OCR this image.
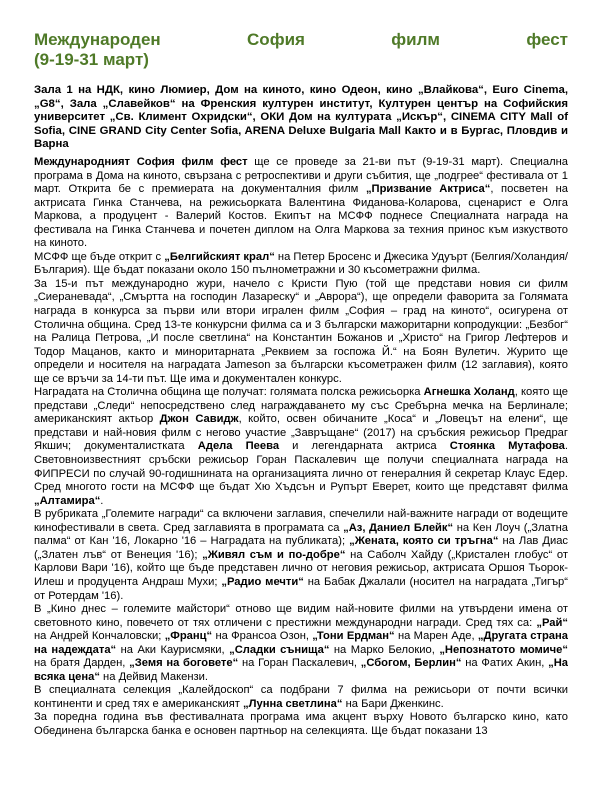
Международен	София	филм	фест
(9-19-31 март)
Зала 1 на НДК, кино Люмиер, Дом на киното, кино Одеон, кино „Влайкова“, Euro Cinema, „G8“, Зала „Славейков“ на Френския културен институт, Културен център на Софийския университет „Св. Климент Охридски“, ОКИ Дом на културата „Искър“, CINEMA CITY Mall of Sofia, CINE GRAND City Center Sofia, ARENA Deluxe Bulgaria Mall Както и в Бургас, Пловдив и Варна

Международният София филм фест ще се проведе за 21-ви път (9-19-31 март). Специална програма в Дома на киното, свързана с ретроспективи и други събития, ще „подгрее“ фестивала от 1 март. Открита бе с премиерата на документалния филм „Призвание Актриса“, посветен на актрисата Гинка Станчева, на режисьорката Валентина Фиданова-Коларова, сценарист е Олга Маркова, а продуцент - Валерий Костов. Екипът на МСФФ поднесе Специалната награда на фестивала на Гинка Станчева и почетен диплом на Олга Маркова за техния принос към изкуството на киното.

МСФФ ще бъде открит с „Белгийският крал“ на Петер Бросенс и Джесика Удуърт (Белгия/Холандия/България). Ще бъдат показани около 150 пълнометражни и 30 късометражни филма.

За 15-и път международно жури, начело с Кристи Пую (той ще представи новия си филм „Сиераневада“, „Смъртта на господин Лазареску“ и „Аврора“), ще определи фаворита за Голямата награда в конкурса за първи или втори игрален филм „София – град на киното“, осигурена от Столична община. Сред 13-те конкурсни филма са и 3 български мажоритарни копродукции: „Безбог“ на Ралица Петрова, „И после светлина“ на Константин Божанов и „Христо“ на Григор Лефтеров и Тодор Мацанов, както и миноритарната „Реквием за госпожа Й.“ на Боян Вулетич. Журито ще определи и носителя на наградата Jameson за български късометражен филм (12 заглавия), която ще се връчи за 14-ти път. Ще има и документален конкурс.

Наградата на Столична община ще получат: голямата полска режисьорка Агнешка Холанд, която ще представи „Следи“ непосредствено след награждаването му със Сребърна мечка на Берлинале; американският актьор Джон Савидж, който, освен обичаните „Коса“ и „Ловецът на елени“, ще представи и най-новия филм с негово участие „Завръщане“ (2017) на сръбския режисьор Предраг Якшич; документалистката Адела Пеева и легендарната актриса Стоянка Мутафова. Световноизвестният сръбски режисьор Горан Паскалевич ще получи специалната награда на ФИПРЕСИ по случай 90-годишнината на организацията лично от генералния й секретар Клаус Едер. Сред многото гости на МСФФ ще бъдат Хю Хъдсън и Рупърт Еверет, които ще представят филма „Алтамира“.

В рубриката „Големите награди“ са включени заглавия, спечелили най-важните награди от водещите кинофестивали в света. Сред заглавията в програмата са „Аз, Даниел Блейк“ на Кен Лоуч („Златна палма“ от Кан '16, Локарно '16 – Наградата на публиката); „Жената, която си тръгна“ на Лав Диас („Златен лъв“ от Венеция '16); „Живял съм и по-добре“ на Саболч Хайду („Кристален глобус“ от Карлови Вари '16), който ще бъде представен лично от неговия режисьор, актрисата Оршоя Тьорок-Илеш и продуцента Андраш Мухи; „Радио мечти“ на Бабак Джалали (носител на наградата „Тигър“ от Ротердам '16).

В „Кино днес – големите майстори“ отново ще видим най-новите филми на утвърдени имена от световното кино, повечето от тях отличени с престижни международни награди. Сред тях са: „Рай“ на Андрей Кончаловски; „Франц“ на Франсоа Озон, „Тони Ердман“ на Марен Аде, „Другата страна на надеждата“ на Аки Каурисмяки, „Сладки сънища“ на Марко Белокио, „Непознатото момиче“ на братя Дарден, „Земя на боговете“ на Горан Паскалевич, „Сбогом, Берлин“ на Фатих Акин, „На всяка цена“ на Дейвид Макензи.

В специалната селекция „Калейдоскоп“ са подбрани 7 филма на режисьори от почти всички континенти и сред тях е американският „Лунна светлина“ на Бари Дженкинс.

За поредна година във фестивалната програма има акцент върху Новото българско кино, като Обединена българска банка е основен партньор на селекцията. Ще бъдат показани 13
